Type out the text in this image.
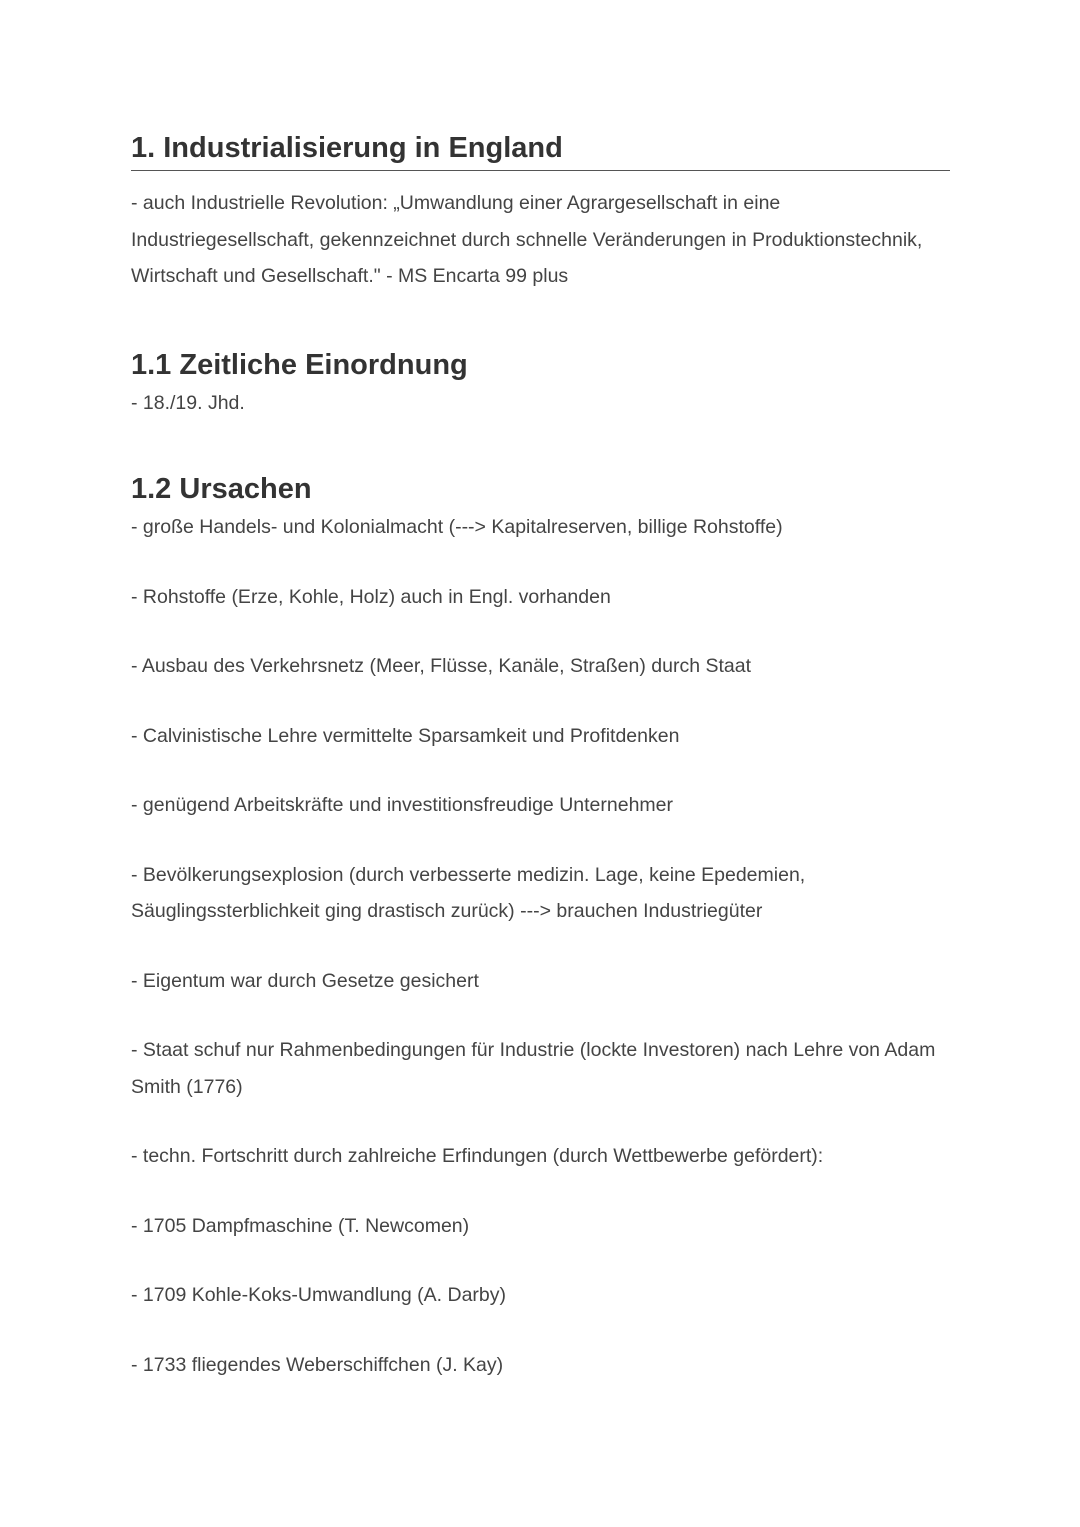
1. Industrialisierung in England

- auch Industrielle Revolution: „Umwandlung einer Agrargesellschaft in eine Industriegesellschaft, gekennzeichnet durch schnelle Veränderungen in Produktionstechnik, Wirtschaft und Gesellschaft." - MS Encarta 99 plus

1.1 Zeitliche Einordnung

- 18./19. Jhd.

1.2 Ursachen

- große Handels- und Kolonialmacht (---> Kapitalreserven, billige Rohstoffe)

- Rohstoffe (Erze, Kohle, Holz) auch in Engl. vorhanden

- Ausbau des Verkehrsnetz (Meer, Flüsse, Kanäle, Straßen) durch Staat

- Calvinistische Lehre vermittelte Sparsamkeit und Profitdenken

- genügend Arbeitskräfte und investitionsfreudige Unternehmer

- Bevölkerungsexplosion (durch verbesserte medizin. Lage, keine Epedemien, Säuglingssterblichkeit ging drastisch zurück) ---> brauchen Industriegüter

- Eigentum war durch Gesetze gesichert

- Staat schuf nur Rahmenbedingungen für Industrie (lockte Investoren) nach Lehre von Adam Smith (1776)

- techn. Fortschritt durch zahlreiche Erfindungen (durch Wettbewerbe gefördert):

- 1705 Dampfmaschine (T. Newcomen)

- 1709 Kohle-Koks-Umwandlung (A. Darby)

- 1733 fliegendes Weberschiffchen (J. Kay)
